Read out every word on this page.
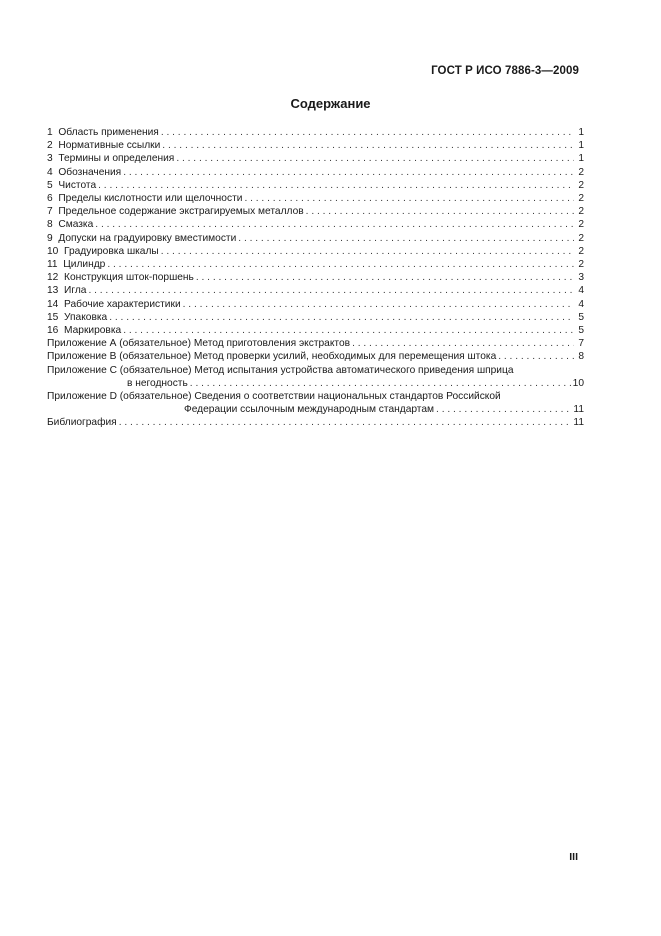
ГОСТ Р ИСО 7886-3—2009
Содержание
1
Область применения . . .	1
2
Нормативные ссылки . . .	1
3
Термины и определения . . .	1
4
Обозначения . . .	2
5
Чистота . . .	2
6
Пределы кислотности или щелочности . . .	2
7
Предельное содержание экстрагируемых металлов . . .	2
8
Смазка . . .	2
9
Допуски на градуировку вместимости . . .	2
10
Градуировка шкалы . . .	2
11
Цилиндр . . .	2
12
Конструкция шток-поршень . . .	3
13
Игла . . .	4
14
Рабочие характеристики . . .	4
15
Упаковка . . .	5
16
Маркировка . . .	5
Приложение А (обязательное) Метод приготовления экстрактов . . .	7
Приложение В (обязательное) Метод проверки усилий, необходимых для перемещения штока . . .	8
Приложение С (обязательное) Метод испытания устройства автоматического приведения шприца
в негодность . . .	10
Приложение D (обязательное) Сведения о соответствии национальных стандартов Российской
Федерации ссылочным международным стандартам . . .	11
Библиография . . .	11
III
